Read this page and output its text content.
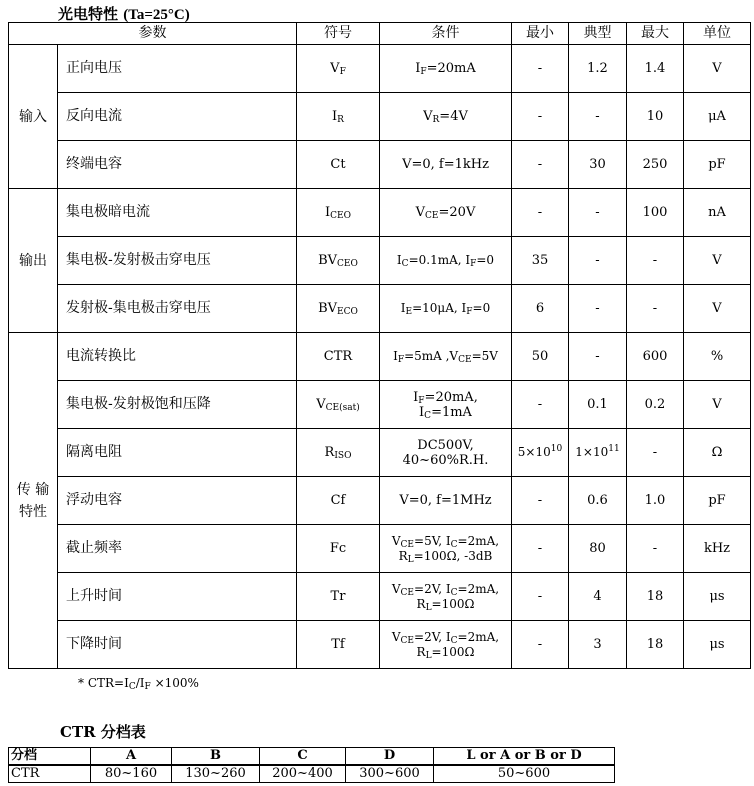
光电特性 (Ta=25°C)
参数		符号	条件	最小	典型	最大	单位
输入	正向电压	$V_F$	$I_F=20mA$	-	1.2	1.4	V
	反向电流	$I_R$	$V_R=4V$	-	-	10	μA
	终端电容	Ct	V=0, f=1kHz	-	30	250	pF
输出	集电极暗电流	$I_{CEO}$	$V_{CE}=20V$	-	-	100	nA
	集电极-发射极击穿电压	$BV_{CEO}$	$I_C=0.1mA$, $I_F=0$	35	-	-	V
	发射极-集电极击穿电压	$BV_{ECO}$	$I_E=10\mu A$, $I_F=0$	6	-	-	V
传 输 特性	电流转换比	CTR	$I_F=5mA$ $,V_{CE}=5V$	50	-	600	%
	集电极-发射极饱和压降	$V_{CE(sat)}$	$I_F=20mA$,
$I_C=1mA$	-	0.1	0.2	V
	隔离电阻	$R_{ISO}$	DC500V,
40~60%R.H.	$5\times 10^{10}$	$1\times 10^{11}$	-	Ω
	浮动电容	Cf	V=0, f=1MHz	-	0.6	1.0	pF
	截止频率	Fc	$V_{CE}=5V$, $I_C=2mA$,
$R_L=100\Omega$, -3dB	-	80	-	kHz
	上升时间	Tr	$V_{CE}=2V$, $I_C=2mA$,
$R_L=100\Omega$	-	4	18	μs
	下降时间	Tf	$V_{CE}=2V$, $I_C=2mA$,
$R_L=100\Omega$	-	3	18	μs
* $CTR=I_C/I_F \times 100\%$
CTR 分档表
分档	A	B	C	D	L or A or B or D
CTR	80~160	130~260	200~400	300~600	50~600
